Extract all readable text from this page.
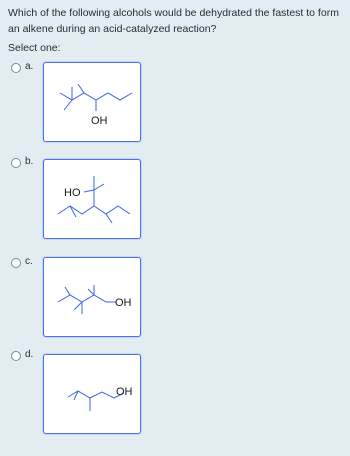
Which of the following alcohols would be dehydrated the fastest to form an alkene during an acid-catalyzed reaction?

Select one:

a.
OH
b.
HO
c.
OH
d.
OH
